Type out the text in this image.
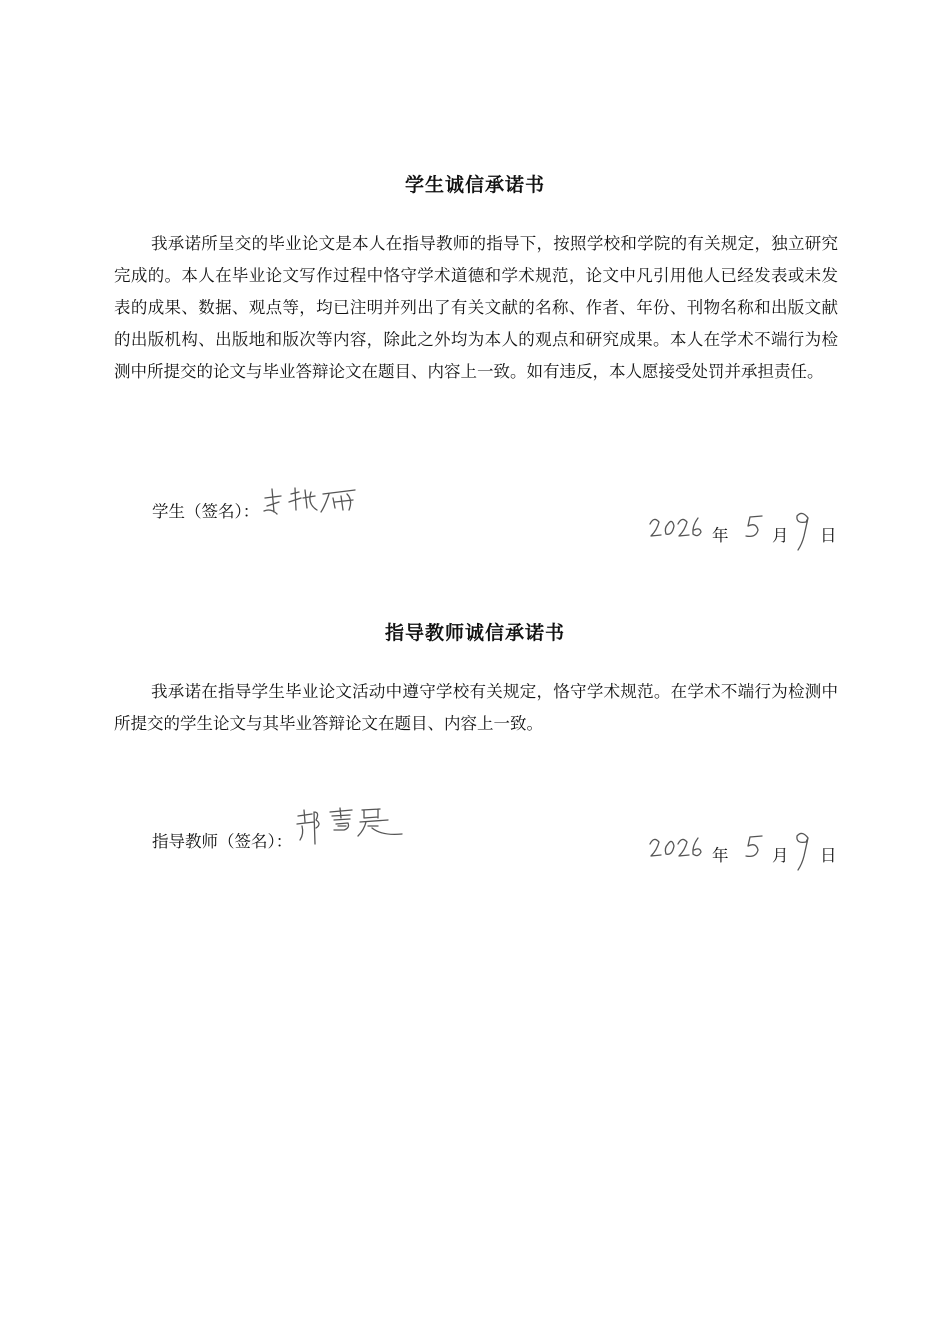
学生诚信承诺书

我承诺所呈交的毕业论文是本人在指导教师的指导下，按照学校和学院的有关规定，独立研究完成的。本人在毕业论文写作过程中恪守学术道德和学术规范，论文中凡引用他人已经发表或未发表的成果、数据、观点等，均已注明并列出了有关文献的名称、作者、年份、刊物名称和出版文献的出版机构、出版地和版次等内容，除此之外均为本人的观点和研究成果。本人在学术不端行为检测中所提交的论文与毕业答辩论文在题目、内容上一致。如有违反，本人愿接受处罚并承担责任。

学生（签名）：
年	月 日
指导教师诚信承诺书

我承诺在指导学生毕业论文活动中遵守学校有关规定，恪守学术规范。在学术不端行为检测中所提交的学生论文与其毕业答辩论文在题目、内容上一致。

指导教师（签名）：
年	月 日
